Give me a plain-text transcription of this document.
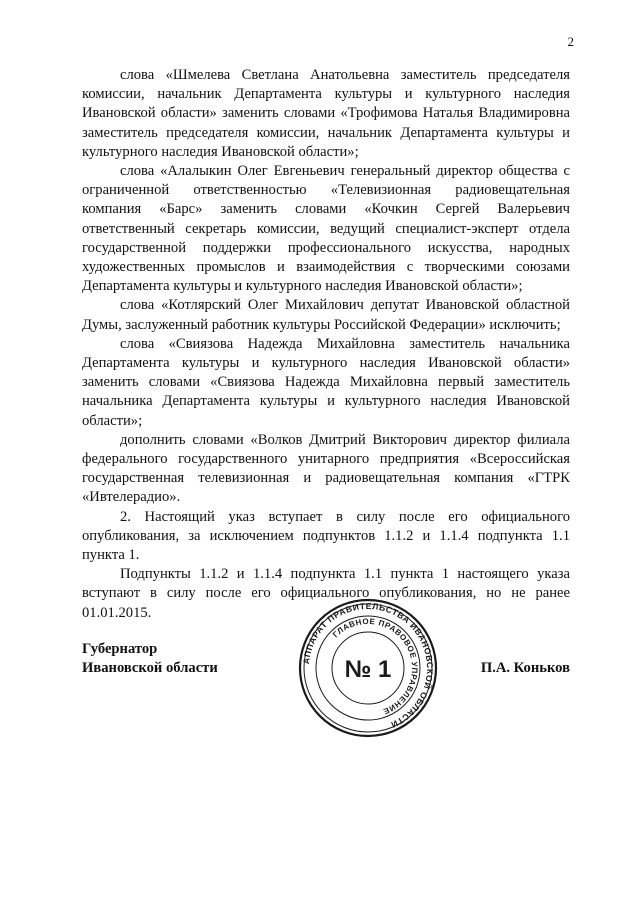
2

слова «Шмелева Светлана Анатольевна заместитель председателя комиссии, начальник Департамента культуры и культурного наследия Ивановской области» заменить словами «Трофимова Наталья Владимировна заместитель председателя комиссии, начальник Департамента культуры и культурного наследия Ивановской области»;

слова «Алалыкин Олег Евгеньевич генеральный директор общества с ограниченной ответственностью «Телевизионная радиовещательная компания «Барс» заменить словами «Кочкин Сергей Валерьевич ответственный секретарь комиссии, ведущий специалист-эксперт отдела государственной поддержки профессионального искусства, народных художественных промыслов и взаимодействия с творческими союзами Департамента культуры и культурного наследия Ивановской области»;

слова «Котлярский Олег Михайлович депутат Ивановской областной Думы, заслуженный работник культуры Российской Федерации» исключить;

слова «Свиязова Надежда Михайловна заместитель начальника Департамента культуры и культурного наследия Ивановской области» заменить словами «Свиязова Надежда Михайловна первый заместитель начальника Департамента культуры и культурного наследия Ивановской области»;

дополнить словами «Волков Дмитрий Викторович директор филиала федерального государственного унитарного предприятия «Всероссийская государственная телевизионная и радиовещательная компания «ГТРК «Ивтелерадио».

2. Настоящий указ вступает в силу после его официального опубликования, за исключением подпунктов 1.1.2 и 1.1.4 подпункта 1.1 пункта 1.

Подпункты 1.1.2 и 1.1.4 подпункта 1.1 пункта 1 настоящего указа вступают в силу после его официального опубликования, но не ранее 01.01.2015.

Губернатор
Ивановской области	П.А. Коньков
АППАРАТ ПРАВИТЕЛЬСТВА ИВАНОВСКОЙ ОБЛАСТИ
ГЛАВНОЕ ПРАВОВОЕ УПРАВЛЕНИЕ
№ 1
